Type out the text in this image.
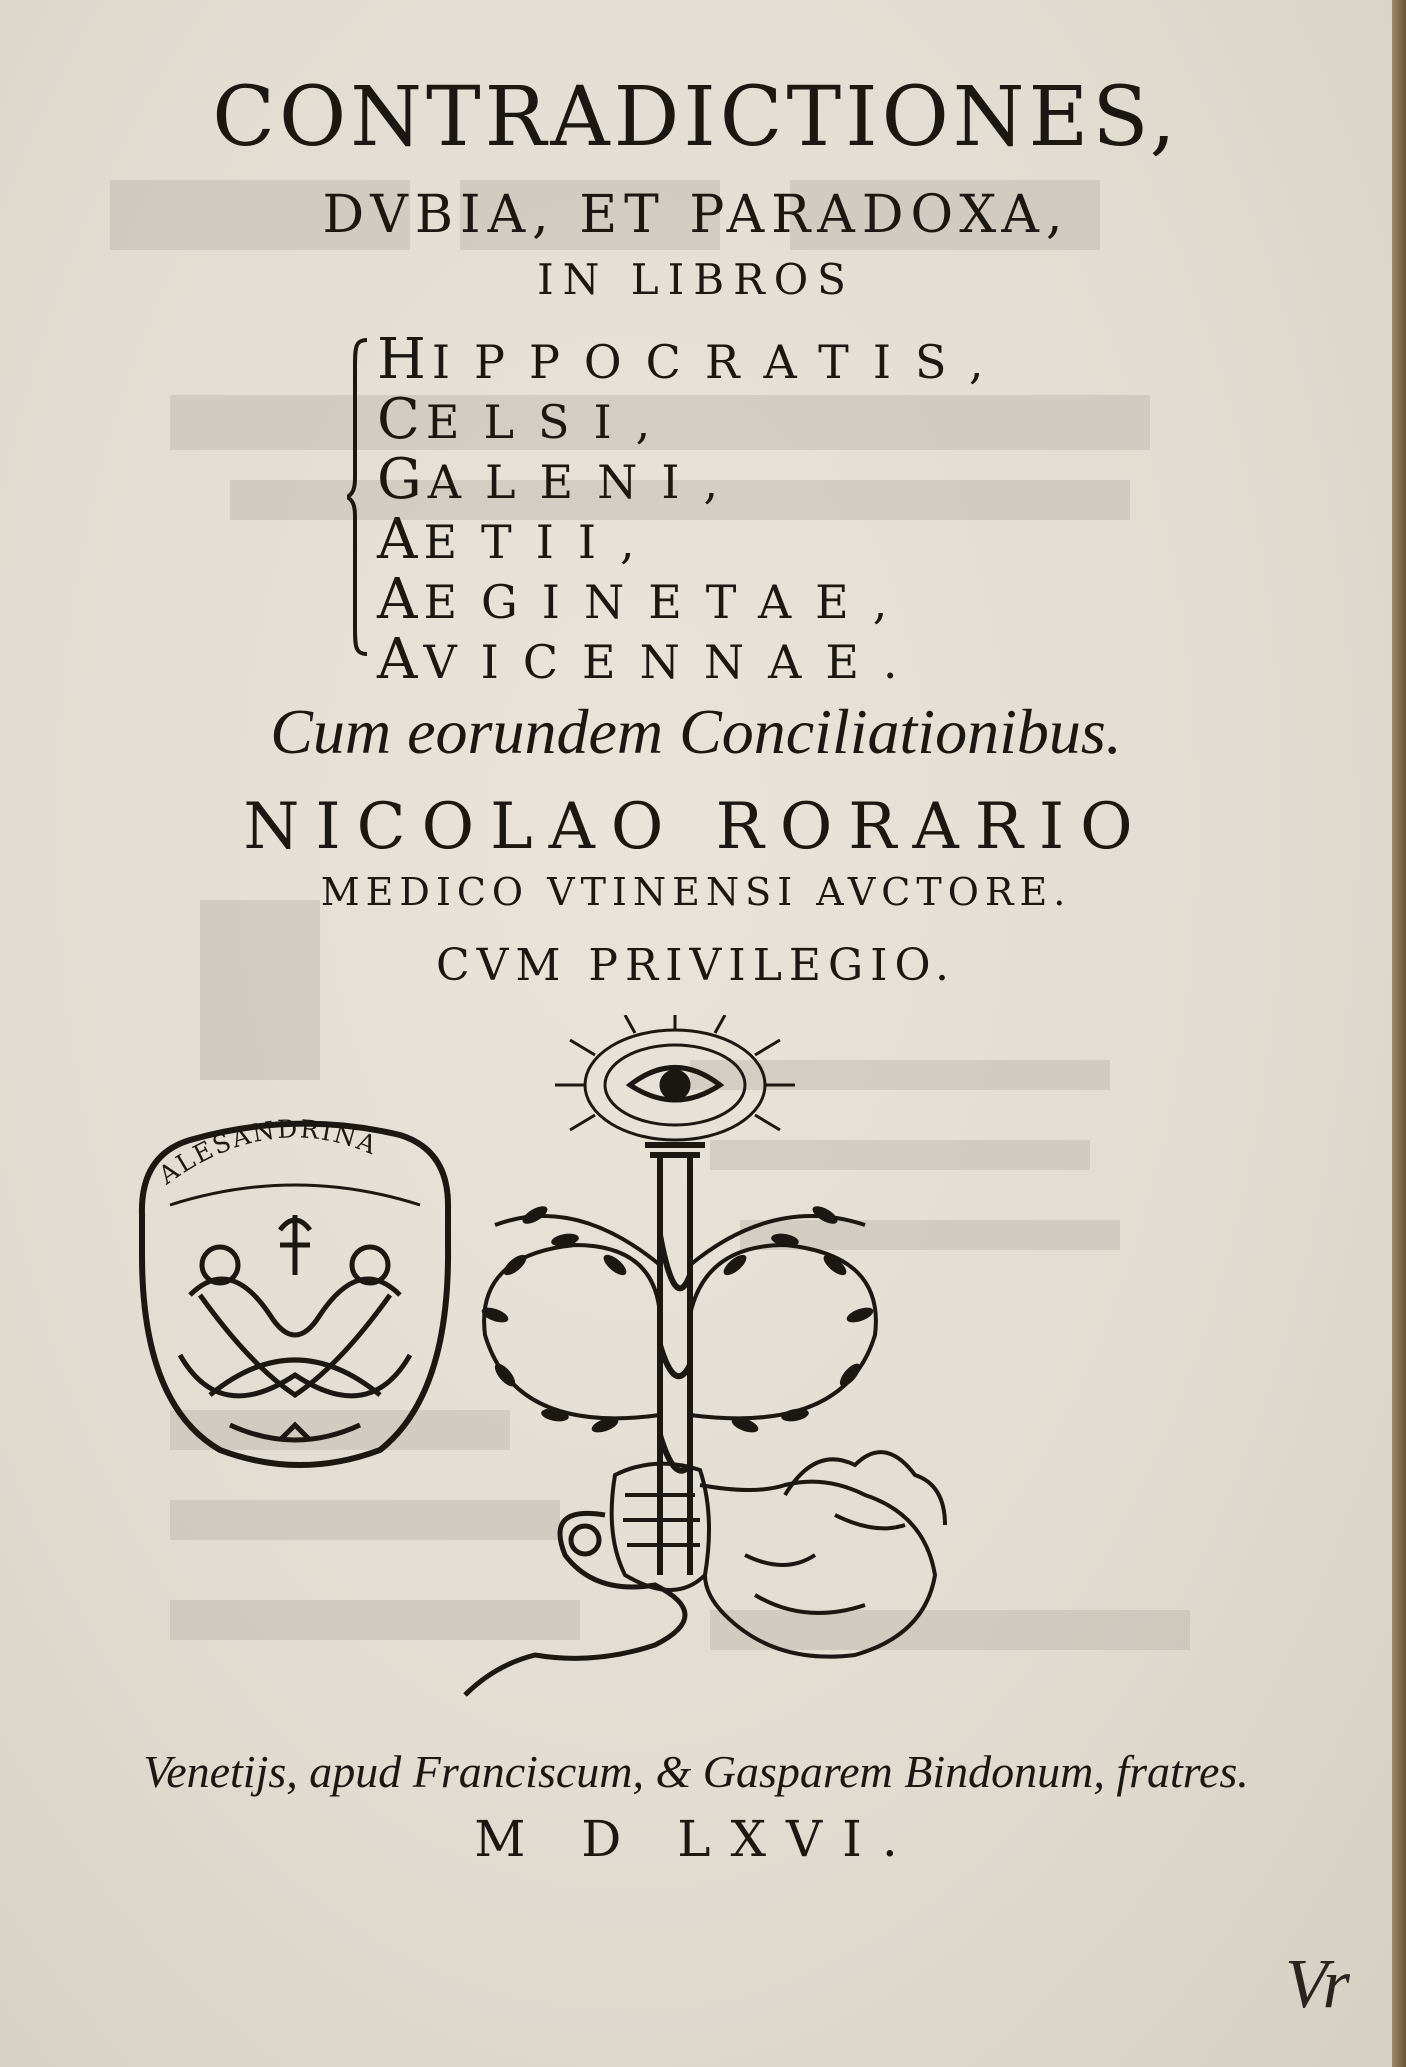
CONTRADICTIONES,
DVBIA, ET PARADOXA,
IN LIBROS
HIPPOCRATIS,
CELSI,
GALENI,
AETII,
AEGINETAE,
AVICENNAE.
Cum eorundem Conciliationibus.
NICOLAO RORARIO
MEDICO VTINENSI AVCTORE.
CVM PRIVILEGIO.
ALESANDRINA
Venetijs, apud Franciscum, & Gasparem Bindonum, fratres.
M D LXVI.
Vr
